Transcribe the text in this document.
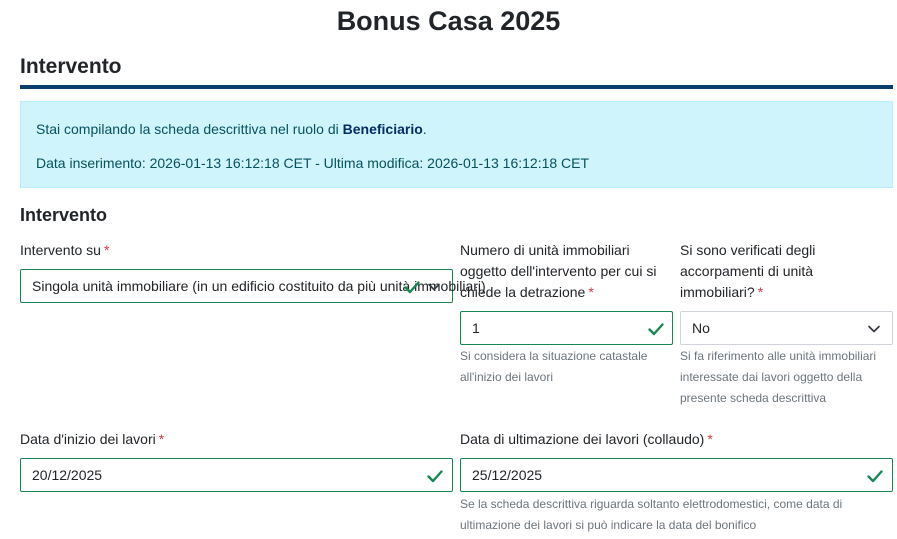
Bonus Casa 2025
Intervento
Stai compilando la scheda descrittiva nel ruolo di Beneficiario.
Data inserimento: 2026-01-13 16:12:18 CET - Ultima modifica: 2026-01-13 16:12:18 CET
Intervento
Intervento su *
Singola unità immobiliare (in un edificio costituito da più unità immobiliari)
Numero di unità immobiliari
oggetto dell'intervento per cui si
chiede la detrazione *
1
Si considera la situazione catastale
all'inizio dei lavori
Si sono verificati degli
accorpamenti di unità
immobiliari? *
No
Si fa riferimento alle unità immobiliari
interessate dai lavori oggetto della
presente scheda descrittiva
Data d'inizio dei lavori *
20/12/2025
Data di ultimazione dei lavori (collaudo) *
25/12/2025
Se la scheda descrittiva riguarda soltanto elettrodomestici, come data di
ultimazione dei lavori si può indicare la data del bonifico
